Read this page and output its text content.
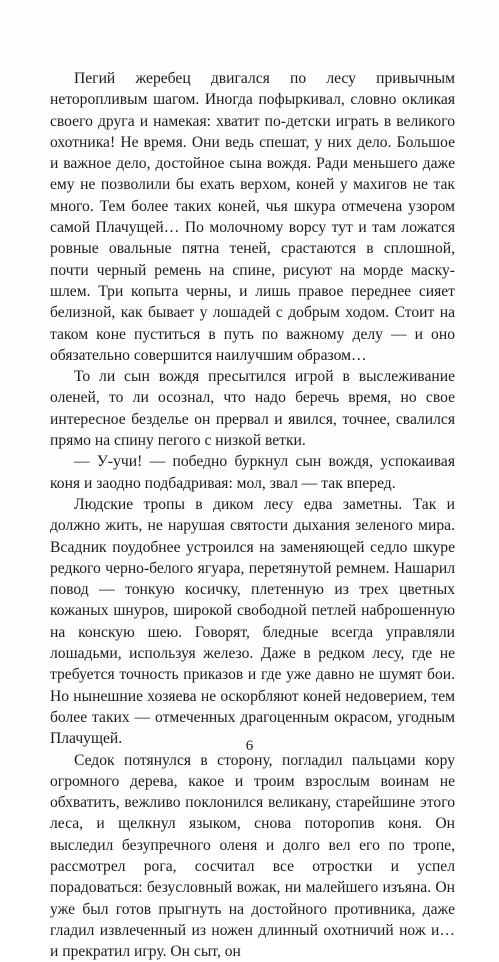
Пегий жеребец двигался по лесу привычным неторопливым шагом. Иногда пофыркивал, словно окликая своего друга и намекая: хватит по-детски играть в великого охотника! Не время. Они ведь спешат, у них дело. Большое и важное дело, достойное сына вождя. Ради меньшего даже ему не позволили бы ехать верхом, коней у махигов не так много. Тем более таких коней, чья шкура отмечена узором самой Плачущей… По молочному ворсу тут и там ложатся ровные овальные пятна теней, срастаются в сплошной, почти черный ремень на спине, рисуют на морде маску-шлем. Три копыта черны, и лишь правое переднее сияет белизной, как бывает у лошадей с добрым ходом. Стоит на таком коне пуститься в путь по важному делу — и оно обязательно совершится наилучшим образом…

То ли сын вождя пресытился игрой в выслеживание оленей, то ли осознал, что надо беречь время, но свое интересное безделье он прервал и явился, точнее, свалился прямо на спину пегого с низкой ветки.

— У-учи! — победно буркнул сын вождя, успокаивая коня и заодно подбадривая: мол, звал — так вперед.

Людские тропы в диком лесу едва заметны. Так и должно жить, не нарушая святости дыхания зеленого мира. Всадник поудобнее устроился на заменяющей седло шкуре редкого черно-белого ягуара, перетянутой ремнем. Нашарил повод — тонкую косичку, плетенную из трех цветных кожаных шнуров, широкой свободной петлей наброшенную на конскую шею. Говорят, бледные всегда управляли лошадьми, используя железо. Даже в редком лесу, где не требуется точность приказов и где уже давно не шумят бои. Но нынешние хозяева не оскорбляют коней недоверием, тем более таких — отмеченных драгоценным окрасом, угодным Плачущей.

Седок потянулся в сторону, погладил пальцами кору огромного дерева, какое и троим взрослым воинам не обхватить, вежливо поклонился великану, старейшине этого леса, и щелкнул языком, снова поторопив коня. Он выследил безупречного оленя и долго вел его по тропе, рассмотрел рога, сосчитал все отростки и успел порадоваться: безусловный вожак, ни малейшего изъяна. Он уже был готов прыгнуть на достойного противника, даже гладил извлеченный из ножен длинный охотничий нож и… и прекратил игру. Он сыт, он

6
